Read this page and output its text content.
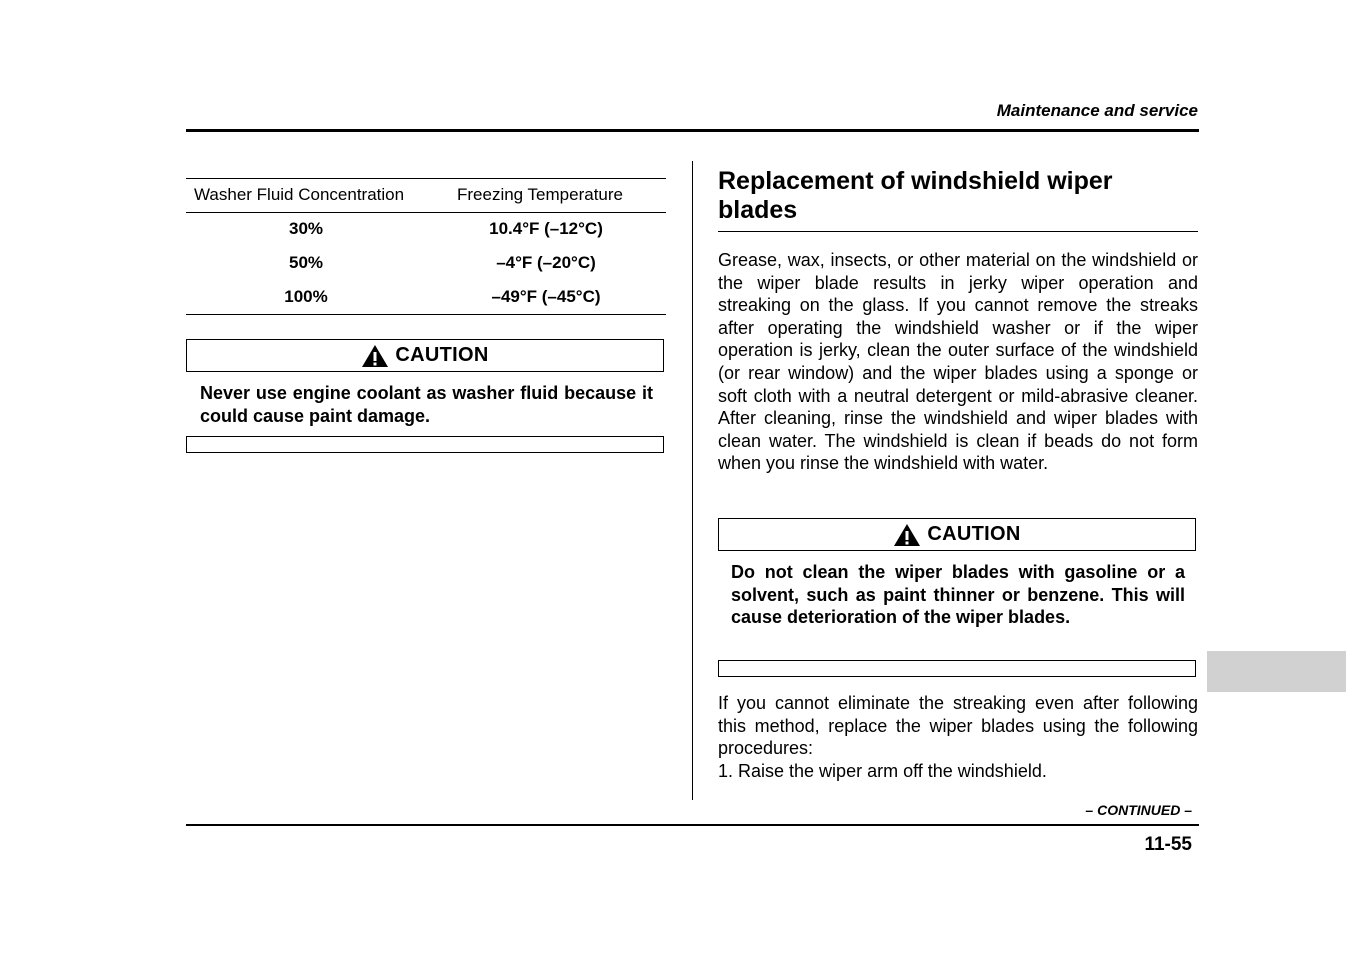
Maintenance and service
Washer Fluid Concentration	Freezing Temperature
30%	10.4°F (–12°C)
50%	–4°F (–20°C)
100%	–49°F (–45°C)
CAUTION
Never use engine coolant as washer fluid because it could cause paint damage.
Replacement of windshield wiper blades
Grease, wax, insects, or other material on the windshield or the wiper blade results in jerky wiper operation and streaking on the glass. If you cannot remove the streaks after operating the windshield washer or if the wiper operation is jerky, clean the outer surface of the windshield (or rear window) and the wiper blades using a sponge or soft cloth with a neutral detergent or mild-abrasive cleaner. After cleaning, rinse the windshield and wiper blades with clean water. The windshield is clean if beads do not form when you rinse the windshield with water.
CAUTION
Do not clean the wiper blades with gasoline or a solvent, such as paint thinner or benzene. This will cause deterioration of the wiper blades.
If you cannot eliminate the streaking even after following this method, replace the wiper blades using the following procedures:
1. Raise the wiper arm off the windshield.
– CONTINUED –
11-55
